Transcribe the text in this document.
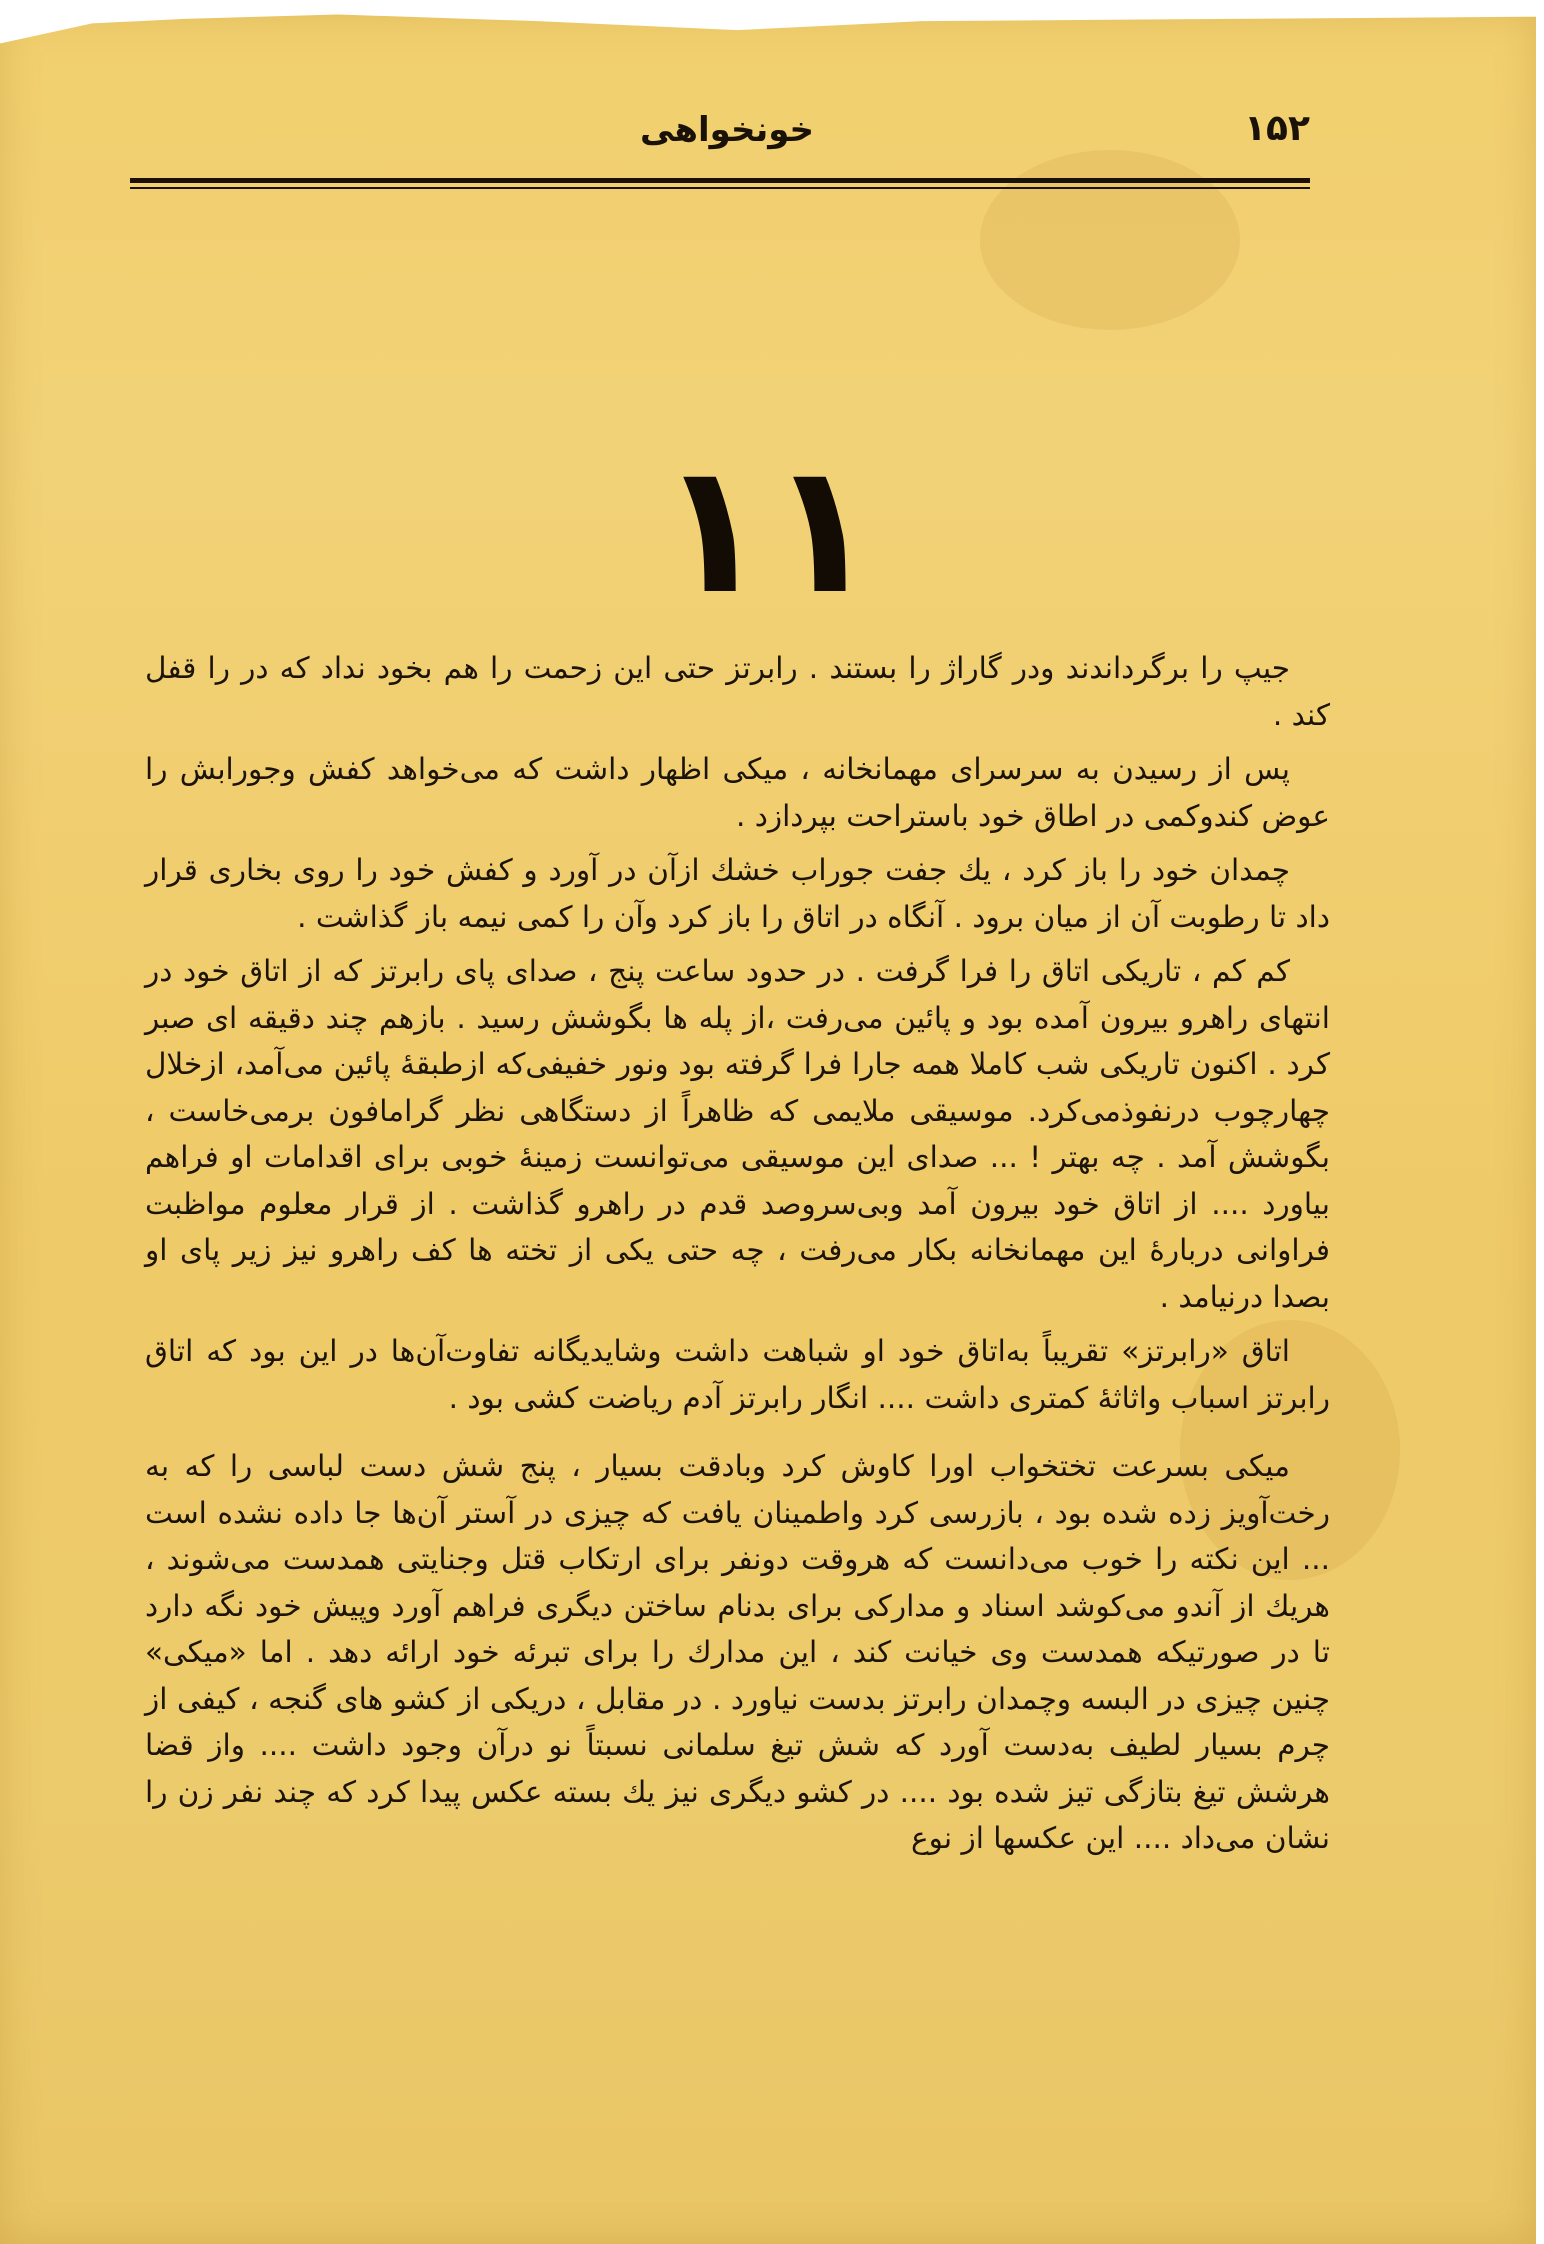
خونخواهی	۱۵۲
۱۱

جیپ را برگرداندند ودر گاراژ را بستند . رابرتز حتی این زحمت را هم بخود نداد که در را قفل کند .

پس از رسیدن به سرسرای مهمانخانه ، میکی اظهار داشت که می‌خواهد کفش وجورابش را عوض کندوکمی در اطاق خود باستراحت بپردازد .

چمدان خود را باز کرد ، یك جفت جوراب خشك ازآن در آورد و کفش خود را روی بخاری قرار داد تا رطوبت آن از میان برود . آنگاه در اتاق را باز کرد وآن را کمی نیمه باز گذاشت .

کم کم ، تاریکی اتاق را فرا گرفت . در حدود ساعت پنج ، صدای پای رابرتز که از اتاق خود در انتهای راهرو بیرون آمده بود و پائین می‌رفت ،از پله ها بگوشش رسید . بازهم چند دقیقه ای صبر کرد . اکنون تاریکی شب کاملا همه جارا فرا گرفته بود ونور خفیفی‌که ازطبقهٔ پائین می‌آمد، ازخلال چهارچوب درنفوذمی‌کرد. موسیقی ملایمی که ظاهراً از دستگاهی نظر گرامافون برمی‌خاست ، بگوشش آمد . چه بهتر ! ... صدای این موسیقی می‌توانست زمینهٔ خوبی برای اقدامات او فراهم بیاورد .... از اتاق خود بیرون آمد وبی‌سروصد قدم در راهرو گذاشت . از قرار معلوم مواظبت فراوانی دربارهٔ این مهمانخانه بکار می‌رفت ، چه حتی یکی از تخته ها کف راهرو نیز زیر پای او بصدا درنیامد .

اتاق «رابرتز» تقریباً به‌اتاق خود او شباهت داشت وشایدیگانه تفاوت‌آن‌ها در این بود که اتاق رابرتز اسباب واثاثهٔ کمتری داشت .... انگار رابرتز آدم ریاضت کشی بود .

میکی بسرعت تختخواب اورا کاوش کرد وبادقت بسیار ، پنج شش دست لباسی را که به رخت‌آویز زده شده بود ، بازرسی کرد واطمینان یافت که چیزی در آستر آن‌ها جا داده نشده است ... این نکته را خوب می‌دانست که هروقت دونفر برای ارتکاب قتل وجنایتی همدست می‌شوند ، هریك از آندو می‌کوشد اسناد و مدارکی برای بدنام ساختن دیگری فراهم آورد وپیش خود نگه دارد تا در صورتیکه همدست وی خیانت کند ، این مدارك را برای تبرئه خود ارائه دهد . اما «میکی» چنین چیزی در البسه وچمدان رابرتز بدست نیاورد . در مقابل ، دریکی از کشو های گنجه ، کیفی از چرم بسیار لطیف به‌دست آورد که شش تیغ سلمانی نسبتاً نو درآن وجود داشت .... واز قضا هرشش تیغ بتازگی تیز شده بود .... در کشو دیگری نیز یك بسته عکس پیدا کرد که چند نفر زن را نشان می‌داد .... این عکسها از نوع
